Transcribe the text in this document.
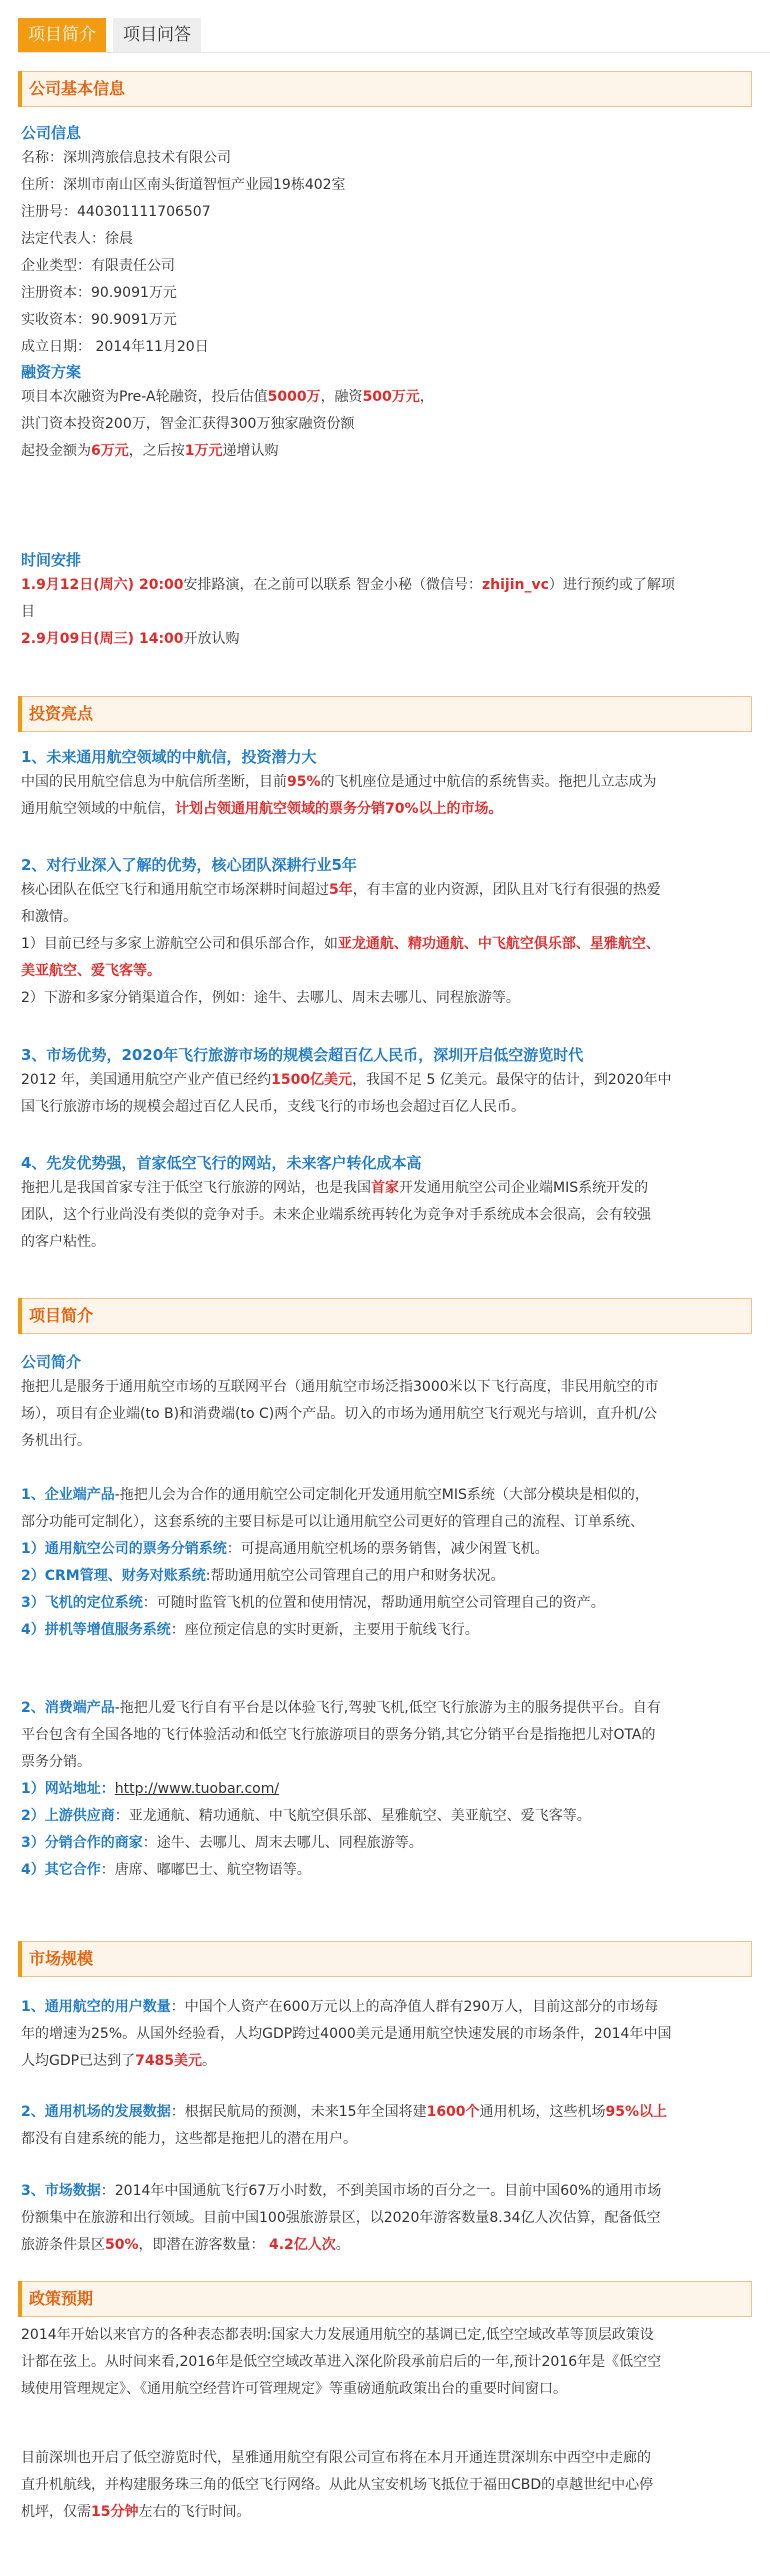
项目简介	项目问答
公司基本信息
公司信息
名称：深圳湾旅信息技术有限公司
住所：深圳市南山区南头街道智恒产业园19栋402室
注册号：440301111706507
法定代表人：徐晨
企业类型：有限责任公司
注册资本：90.9091万元
实收资本：90.9091万元
成立日期： 2014年11月20日
融资方案
项目本次融资为Pre-A轮融资，投后估值5000万，融资500万元，
洪门资本投资200万，智金汇获得300万独家融资份额
起投金额为6万元，之后按1万元递增认购
时间安排
1.9月12日(周六) 20:00安排路演，在之前可以联系 智金小秘（微信号：zhijin_vc）进行预约或了解项
目
2.9月09日(周三) 14:00开放认购
投资亮点
1、未来通用航空领域的中航信，投资潜力大
中国的民用航空信息为中航信所垄断，目前95%的飞机座位是通过中航信的系统售卖。拖把儿立志成为
通用航空领域的中航信，计划占领通用航空领域的票务分销70%以上的市场。
2、对行业深入了解的优势，核心团队深耕行业5年
核心团队在低空飞行和通用航空市场深耕时间超过5年，有丰富的业内资源，团队且对飞行有很强的热爱
和激情。
1）目前已经与多家上游航空公司和俱乐部合作，如亚龙通航、精功通航、中飞航空俱乐部、星雅航空、
美亚航空、爱飞客等。
2）下游和多家分销渠道合作，例如：途牛、去哪儿、周末去哪儿、同程旅游等。
3、市场优势，2020年飞行旅游市场的规模会超百亿人民币，深圳开启低空游览时代
2012 年，美国通用航空产业产值已经约1500亿美元，我国不足 5 亿美元。最保守的估计，到2020年中
国飞行旅游市场的规模会超过百亿人民币，支线飞行的市场也会超过百亿人民币。
4、先发优势强，首家低空飞行的网站，未来客户转化成本高
拖把儿是我国首家专注于低空飞行旅游的网站，也是我国首家开发通用航空公司企业端MIS系统开发的
团队，这个行业尚没有类似的竞争对手。未来企业端系统再转化为竞争对手系统成本会很高，会有较强
的客户粘性。
项目简介
公司简介
拖把儿是服务于通用航空市场的互联网平台（通用航空市场泛指3000米以下飞行高度，非民用航空的市
场），项目有企业端(to B)和消费端(to C)两个产品。切入的市场为通用航空飞行观光与培训，直升机/公
务机出行。
1、企业端产品-拖把儿会为合作的通用航空公司定制化开发通用航空MIS系统（大部分模块是相似的，
部分功能可定制化），这套系统的主要目标是可以让通用航空公司更好的管理自己的流程、订单系统、
1）通用航空公司的票务分销系统：可提高通用航空机场的票务销售，减少闲置飞机。
2）CRM管理、财务对账系统:帮助通用航空公司管理自己的用户和财务状况。
3）飞机的定位系统：可随时监管飞机的位置和使用情况，帮助通用航空公司管理自己的资产。
4）拼机等增值服务系统：座位预定信息的实时更新，主要用于航线飞行。
2、消费端产品-拖把儿爱飞行自有平台是以体验飞行,驾驶飞机,低空飞行旅游为主的服务提供平台。自有
平台包含有全国各地的飞行体验活动和低空飞行旅游项目的票务分销,其它分销平台是指拖把儿对OTA的
票务分销。
1）网站地址：http://www.tuobar.com/
2）上游供应商：亚龙通航、精功通航、中飞航空俱乐部、星雅航空、美亚航空、爱飞客等。
3）分销合作的商家：途牛、去哪儿、周末去哪儿、同程旅游等。
4）其它合作：唐席、嘟嘟巴士、航空物语等。
市场规模
1、通用航空的用户数量：中国个人资产在600万元以上的高净值人群有290万人，目前这部分的市场每
年的增速为25%。从国外经验看，人均GDP跨过4000美元是通用航空快速发展的市场条件，2014年中国
人均GDP已达到了7485美元。
2、通用机场的发展数据：根据民航局的预测，未来15年全国将建1600个通用机场，这些机场95%以上
都没有自建系统的能力，这些都是拖把儿的潜在用户。
3、市场数据：2014年中国通航飞行67万小时数，不到美国市场的百分之一。目前中国60%的通用市场
份额集中在旅游和出行领域。目前中国100强旅游景区，以2020年游客数量8.34亿人次估算，配备低空
旅游条件景区50%，即潜在游客数量： 4.2亿人次。
政策预期
2014年开始以来官方的各种表态都表明:国家大力发展通用航空的基调已定,低空空域改革等顶层政策设
计都在弦上。从时间来看,2016年是低空空域改革进入深化阶段承前启后的一年,预计2016年是《低空空
域使用管理规定》、《通用航空经营许可管理规定》等重磅通航政策出台的重要时间窗口。
目前深圳也开启了低空游览时代，星雅通用航空有限公司宣布将在本月开通连贯深圳东中西空中走廊的
直升机航线，并构建服务珠三角的低空飞行网络。从此从宝安机场飞抵位于福田CBD的卓越世纪中心停
机坪，仅需15分钟左右的飞行时间。
